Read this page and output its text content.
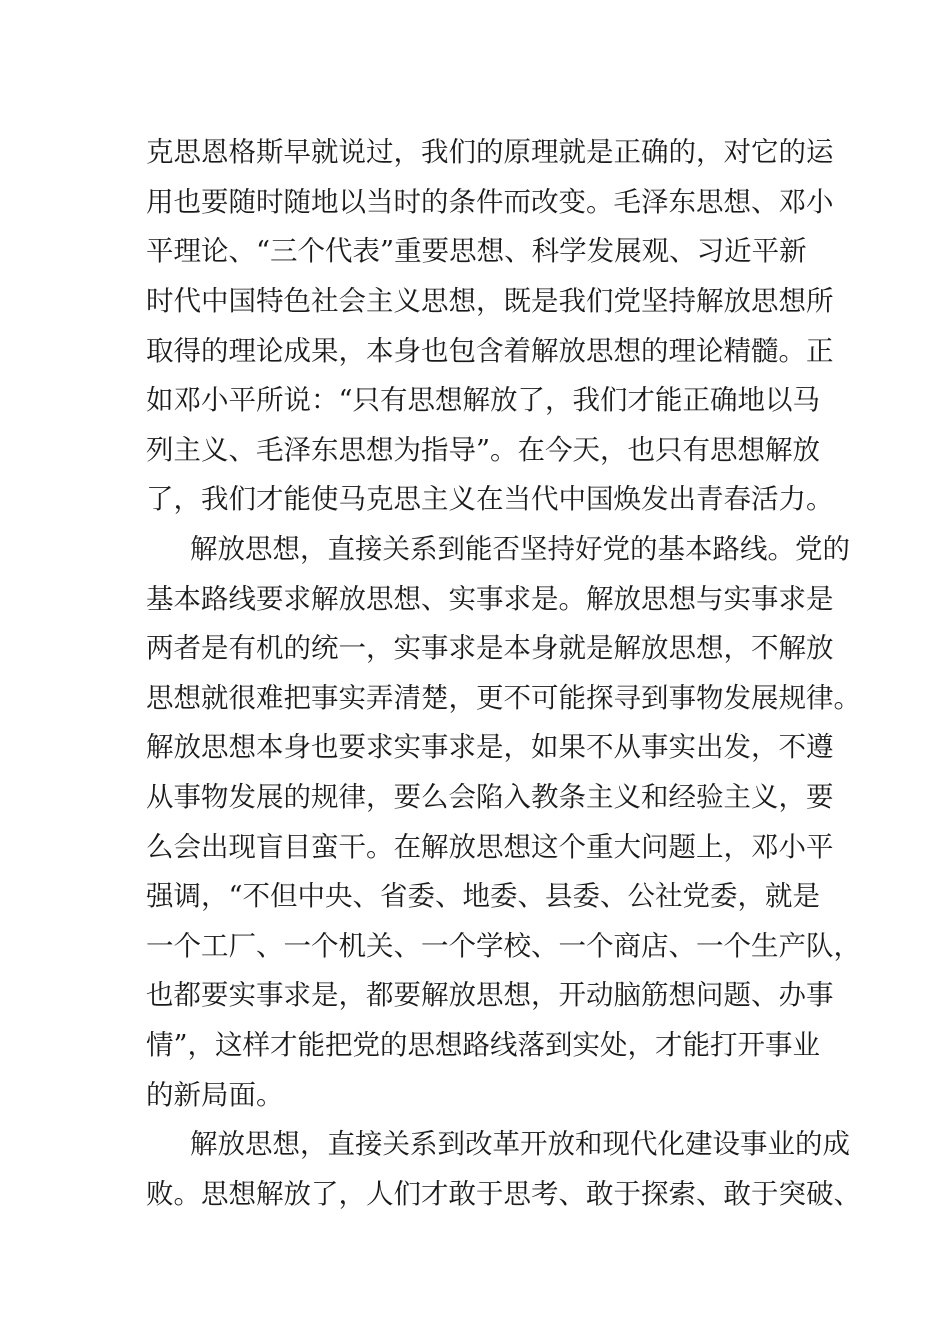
克思恩格斯早就说过，我们的原理就是正确的，对它的运
用也要随时随地以当时的条件而改变。毛泽东思想、邓小
平理论、“三个代表”重要思想、科学发展观、习近平新
时代中国特色社会主义思想，既是我们党坚持解放思想所
取得的理论成果，本身也包含着解放思想的理论精髓。正
如邓小平所说：“只有思想解放了，我们才能正确地以马
列主义、毛泽东思想为指导”。在今天，也只有思想解放
了，我们才能使马克思主义在当代中国焕发出青春活力。
解放思想，直接关系到能否坚持好党的基本路线。党的
基本路线要求解放思想、实事求是。解放思想与实事求是
两者是有机的统一，实事求是本身就是解放思想，不解放
思想就很难把事实弄清楚，更不可能探寻到事物发展规律。
解放思想本身也要求实事求是，如果不从事实出发，不遵
从事物发展的规律，要么会陷入教条主义和经验主义，要
么会出现盲目蛮干。在解放思想这个重大问题上，邓小平
强调，“不但中央、省委、地委、县委、公社党委，就是
一个工厂、一个机关、一个学校、一个商店、一个生产队，
也都要实事求是，都要解放思想，开动脑筋想问题、办事
情”，这样才能把党的思想路线落到实处，才能打开事业
的新局面。
解放思想，直接关系到改革开放和现代化建设事业的成
败。思想解放了，人们才敢于思考、敢于探索、敢于突破、
